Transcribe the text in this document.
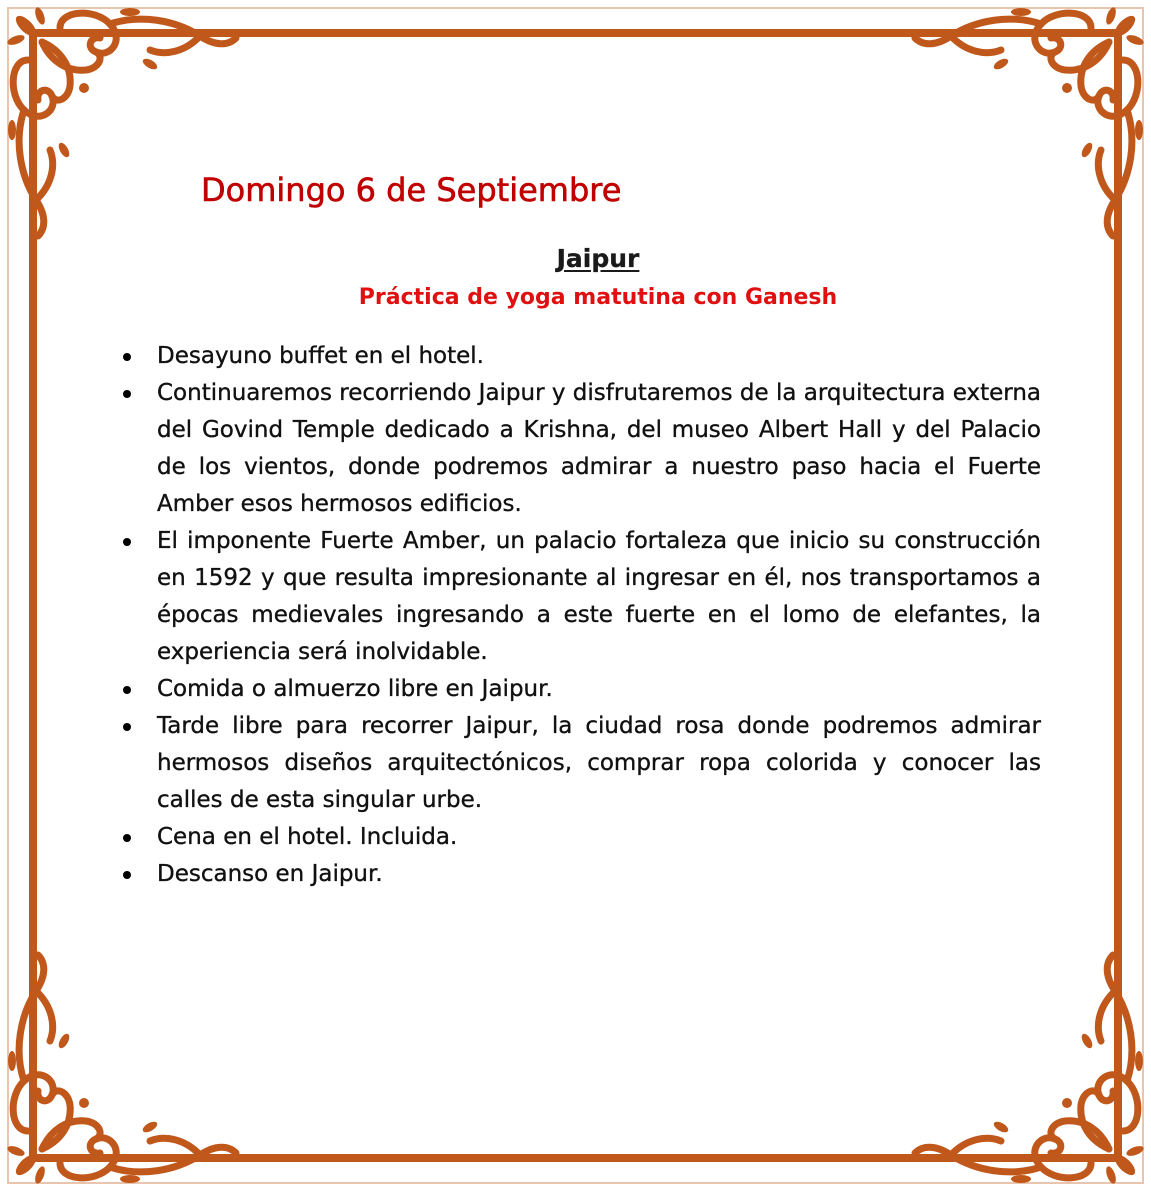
Domingo 6 de Septiembre
Jaipur

Práctica de yoga matutina con Ganesh

Desayuno buffet en el hotel.
Continuaremos recorriendo Jaipur y disfrutaremos de la arquitectura externa del Govind Temple dedicado a Krishna, del museo Albert Hall y del Palacio de los vientos, donde podremos admirar a nuestro paso hacia el Fuerte Amber esos hermosos edificios.
El imponente Fuerte Amber, un palacio fortaleza que inicio su construcción en 1592 y que resulta impresionante al ingresar en él, nos transportamos a épocas medievales ingresando a este fuerte en el lomo de elefantes, la experiencia será inolvidable.
Comida o almuerzo libre en Jaipur.
Tarde libre para recorrer Jaipur, la ciudad rosa donde podremos admirar hermosos diseños arquitectónicos, comprar ropa colorida y conocer las calles de esta singular urbe.
Cena en el hotel. Incluida.
Descanso en Jaipur.
